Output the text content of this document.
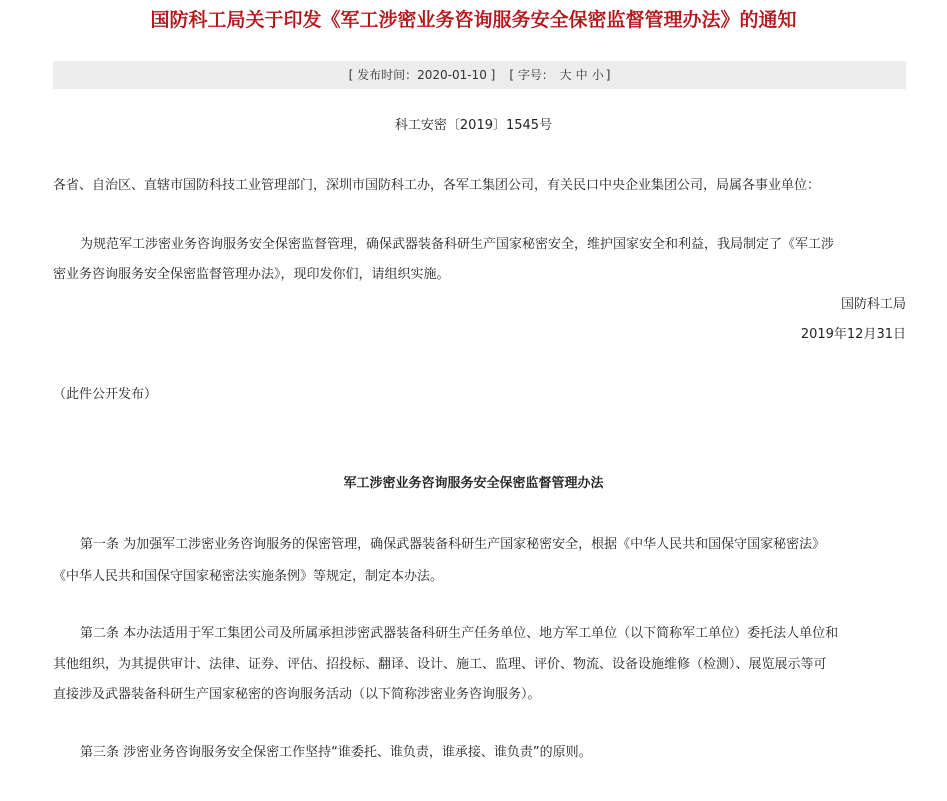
国防科工局关于印发《军工涉密业务咨询服务安全保密监督管理办法》的通知
[ 发布时间：2020-01-10 ] [ 字号： 大 中 小 ]
科工安密〔2019〕1545号
各省、自治区、直辖市国防科技工业管理部门，深圳市国防科工办，各军工集团公司，有关民口中央企业集团公司，局属各事业单位：
为规范军工涉密业务咨询服务安全保密监督管理，确保武器装备科研生产国家秘密安全，维护国家安全和利益，我局制定了《军工涉
密业务咨询服务安全保密监督管理办法》，现印发你们，请组织实施。
国防科工局
2019年12月31日
（此件公开发布）
军工涉密业务咨询服务安全保密监督管理办法
第一条 为加强军工涉密业务咨询服务的保密管理，确保武器装备科研生产国家秘密安全，根据《中华人民共和国保守国家秘密法》
《中华人民共和国保守国家秘密法实施条例》等规定，制定本办法。
第二条 本办法适用于军工集团公司及所属承担涉密武器装备科研生产任务单位、地方军工单位（以下简称军工单位）委托法人单位和
其他组织，为其提供审计、法律、证券、评估、招投标、翻译、设计、施工、监理、评价、物流、设备设施维修（检测）、展览展示等可
直接涉及武器装备科研生产国家秘密的咨询服务活动（以下简称涉密业务咨询服务）。
第三条 涉密业务咨询服务安全保密工作坚持“谁委托、谁负责，谁承接、谁负责”的原则。
